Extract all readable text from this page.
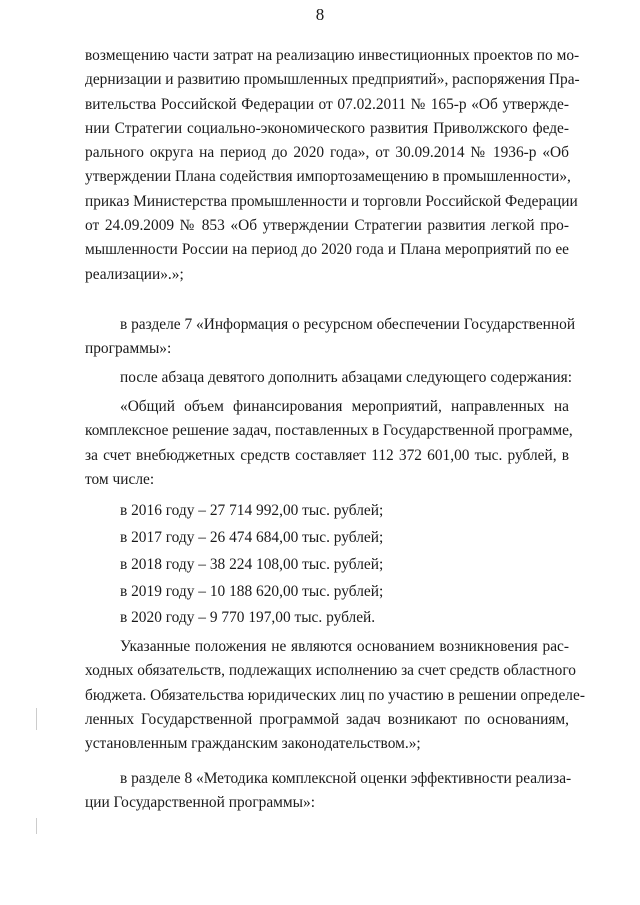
8
возмещению части затрат на реализацию инвестиционных проектов по мо-
дернизации и развитию промышленных предприятий», распоряжения Пра-
вительства Российской Федерации от 07.02.2011 № 165-р «Об утвержде-
нии Стратегии социально-экономического развития Приволжского феде-
рального округа на период до 2020 года», от 30.09.2014 № 1936-р «Об
утверждении Плана содействия импортозамещению в промышленности»,
приказ Министерства промышленности и торговли Российской Федерации
от 24.09.2009 № 853 «Об утверждении Стратегии развития легкой про-
мышленности России на период до 2020 года и Плана мероприятий по ее
реализации».»;
в разделе 7 «Информация о ресурсном обеспечении Государственной
программы»:
после абзаца девятого дополнить абзацами следующего содержания:
«Общий объем финансирования мероприятий, направленных на
комплексное решение задач, поставленных в Государственной программе,
за счет внебюджетных средств составляет 112 372 601,00 тыс. рублей, в
том числе:
в 2016 году – 27 714 992,00 тыс. рублей;
в 2017 году – 26 474 684,00 тыс. рублей;
в 2018 году – 38 224 108,00 тыс. рублей;
в 2019 году – 10 188 620,00 тыс. рублей;
в 2020 году – 9 770 197,00 тыс. рублей.
Указанные положения не являются основанием возникновения рас-
ходных обязательств, подлежащих исполнению за счет средств областного
бюджета. Обязательства юридических лиц по участию в решении определе-
ленных Государственной программой задач возникают по основаниям,
установленным гражданским законодательством.»;
в разделе 8 «Методика комплексной оценки эффективности реализа-
ции Государственной программы»:
